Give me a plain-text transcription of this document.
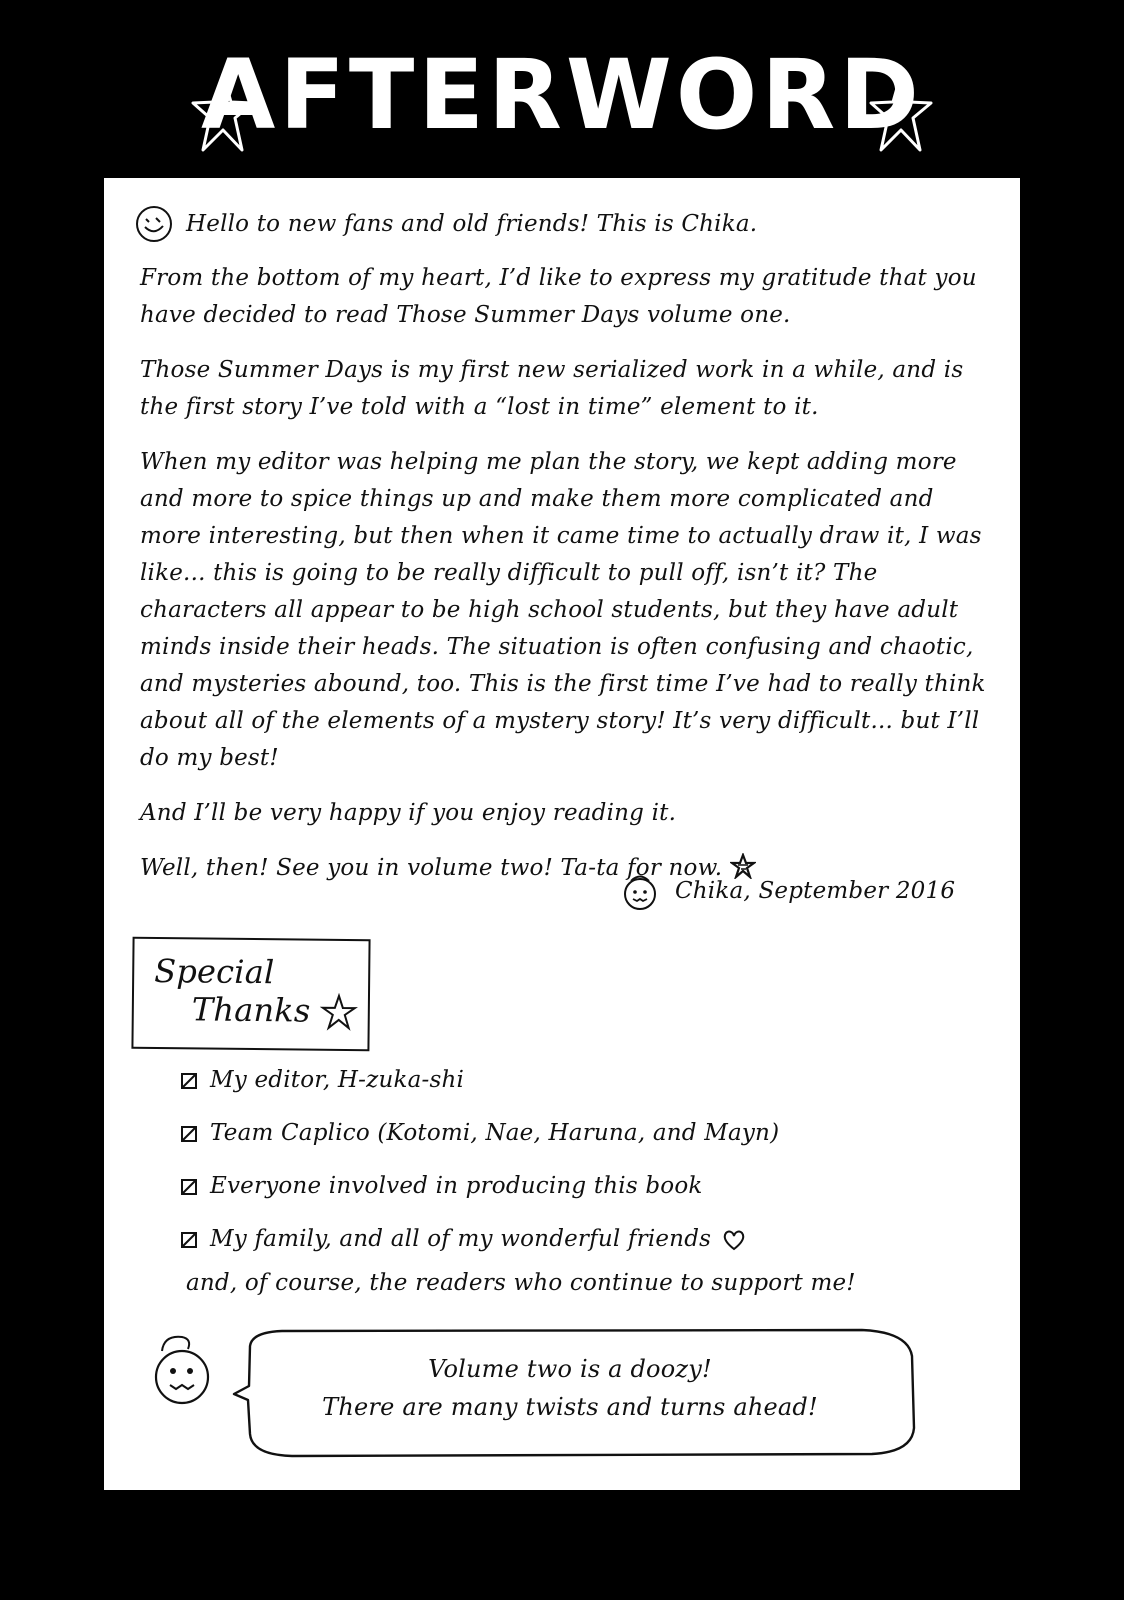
AFTERWORD
Hello to new fans and old friends! This is Chika.

From the bottom of my heart, I’d like to express my gratitude that you have decided to read Those Summer Days volume one.

Those Summer Days is my first new serialized work in a while, and is the first story I’ve told with a “lost in time” element to it.

When my editor was helping me plan the story, we kept adding more and more to spice things up and make them more complicated and more interesting, but then when it came time to actually draw it, I was like... this is going to be really difficult to pull off, isn’t it? The characters all appear to be high school students, but they have adult minds inside their heads. The situation is often confusing and chaotic, and mysteries abound, too. This is the first time I’ve had to really think about all of the elements of a mystery story! It’s very difficult... but I’ll do my best!

And I’ll be very happy if you enjoy reading it.

Well, then! See you in volume two! Ta-ta for now.

Chika, September 2016
Special
Thanks
My editor, H-zuka-shi
Team Caplico (Kotomi, Nae, Haruna, and Mayn)
Everyone involved in producing this book
My family, and all of my wonderful friends
and, of course, the readers who continue to support me!
Volume two is a doozy!
There are many twists and turns ahead!
